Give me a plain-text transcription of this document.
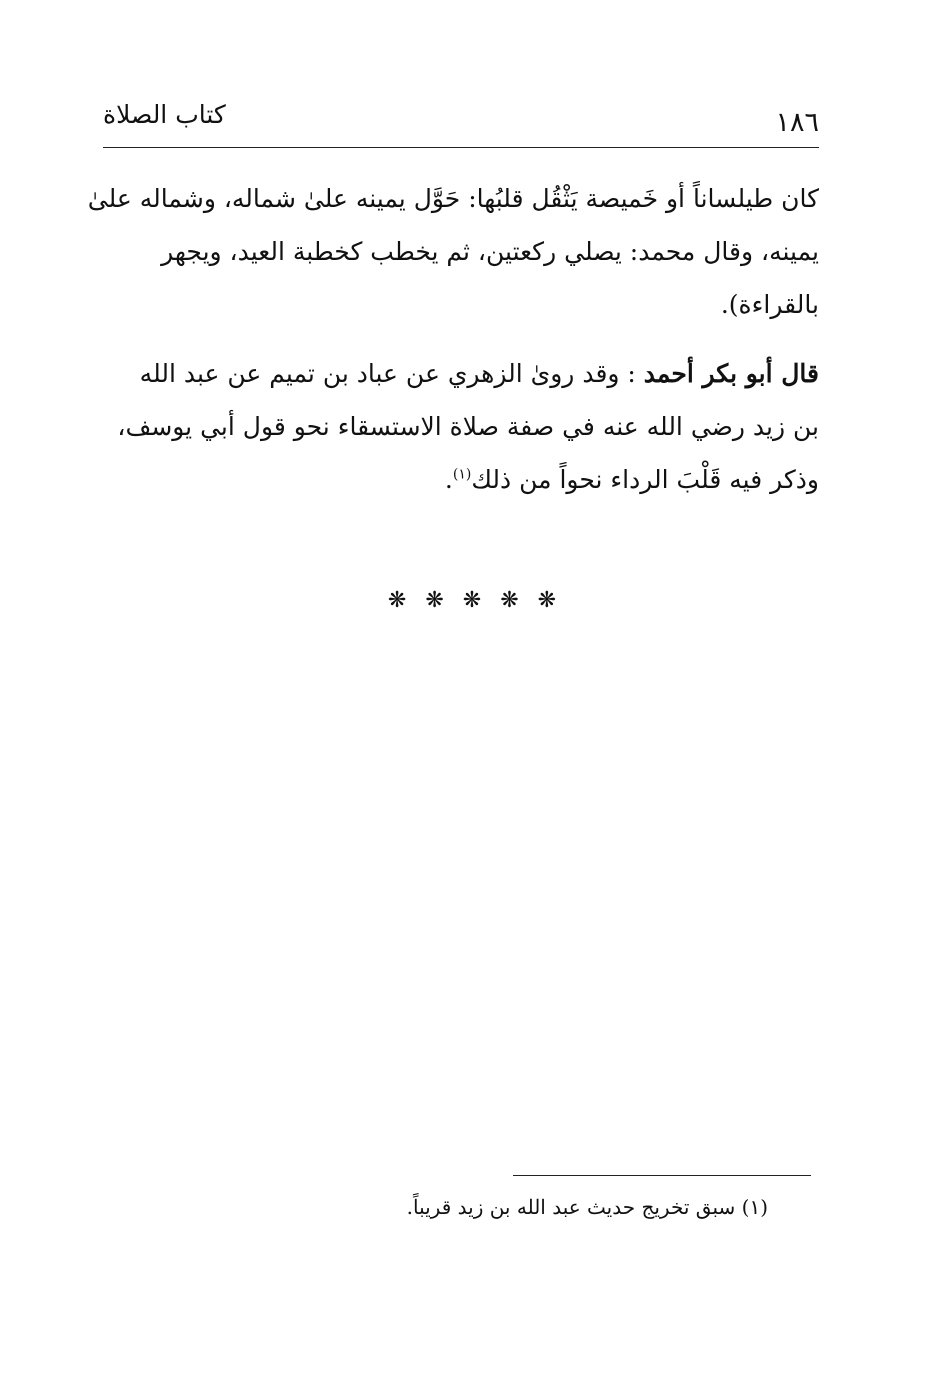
١٨٦
كتاب الصلاة

كان طيلساناً أو خَميصة يَثْقُل قلبُها: حَوَّل يمينه علىٰ شماله، وشماله علىٰ
يمينه، وقال محمد: يصلي ركعتين، ثم يخطب كخطبة العيد، ويجهر
بالقراءة).

قال أبو بكر أحمد : وقد روىٰ الزهري عن عباد بن تميم عن عبد الله
بن زيد رضي الله عنه في صفة صلاة الاستسقاء نحو قول أبي يوسف،
وذكر فيه قَلْبَ الرداء نحواً من ذلك$^{(١)}$.

❋ ❋ ❋ ❋ ❋
(١) سبق تخريج حديث عبد الله بن زيد قريباً.
